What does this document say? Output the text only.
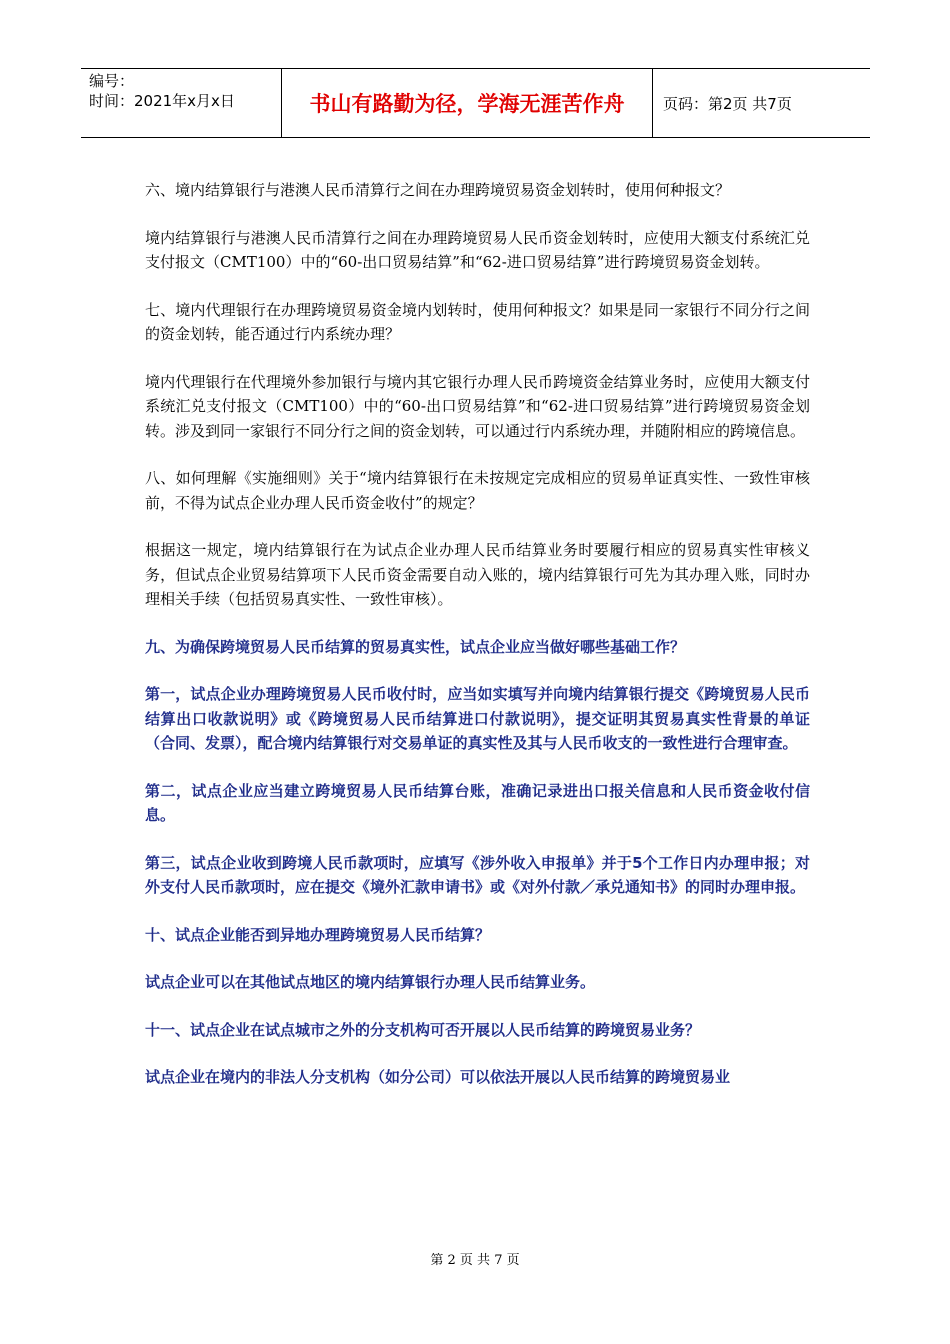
编号：
时间：2021年x月x日	书山有路勤为径，学海无涯苦作舟	页码：第2页 共7页

六、境内结算银行与港澳人民币清算行之间在办理跨境贸易资金划转时，使用何种报文？

境内结算银行与港澳人民币清算行之间在办理跨境贸易人民币资金划转时，应使用大额支付系统汇兑支付报文（CMT100）中的“60-出口贸易结算”和“62-进口贸易结算”进行跨境贸易资金划转。

七、境内代理银行在办理跨境贸易资金境内划转时，使用何种报文？如果是同一家银行不同分行之间的资金划转，能否通过行内系统办理？

境内代理银行在代理境外参加银行与境内其它银行办理人民币跨境资金结算业务时，应使用大额支付系统汇兑支付报文（CMT100）中的“60-出口贸易结算”和“62-进口贸易结算”进行跨境贸易资金划转。涉及到同一家银行不同分行之间的资金划转，可以通过行内系统办理，并随附相应的跨境信息。

八、如何理解《实施细则》关于“境内结算银行在未按规定完成相应的贸易单证真实性、一致性审核前，不得为试点企业办理人民币资金收付”的规定？

根据这一规定，境内结算银行在为试点企业办理人民币结算业务时要履行相应的贸易真实性审核义务，但试点企业贸易结算项下人民币资金需要自动入账的，境内结算银行可先为其办理入账，同时办理相关手续（包括贸易真实性、一致性审核）。

九、为确保跨境贸易人民币结算的贸易真实性，试点企业应当做好哪些基础工作？

第一，试点企业办理跨境贸易人民币收付时，应当如实填写并向境内结算银行提交《跨境贸易人民币结算出口收款说明》或《跨境贸易人民币结算进口付款说明》，提交证明其贸易真实性背景的单证（合同、发票），配合境内结算银行对交易单证的真实性及其与人民币收支的一致性进行合理审查。

第二，试点企业应当建立跨境贸易人民币结算台账，准确记录进出口报关信息和人民币资金收付信息。

第三，试点企业收到跨境人民币款项时，应填写《涉外收入申报单》并于5个工作日内办理申报；对外支付人民币款项时，应在提交《境外汇款申请书》或《对外付款／承兑通知书》的同时办理申报。

十、试点企业能否到异地办理跨境贸易人民币结算？

试点企业可以在其他试点地区的境内结算银行办理人民币结算业务。

十一、试点企业在试点城市之外的分支机构可否开展以人民币结算的跨境贸易业务？

试点企业在境内的非法人分支机构（如分公司）可以依法开展以人民币结算的跨境贸易业

第 2 页 共 7 页
